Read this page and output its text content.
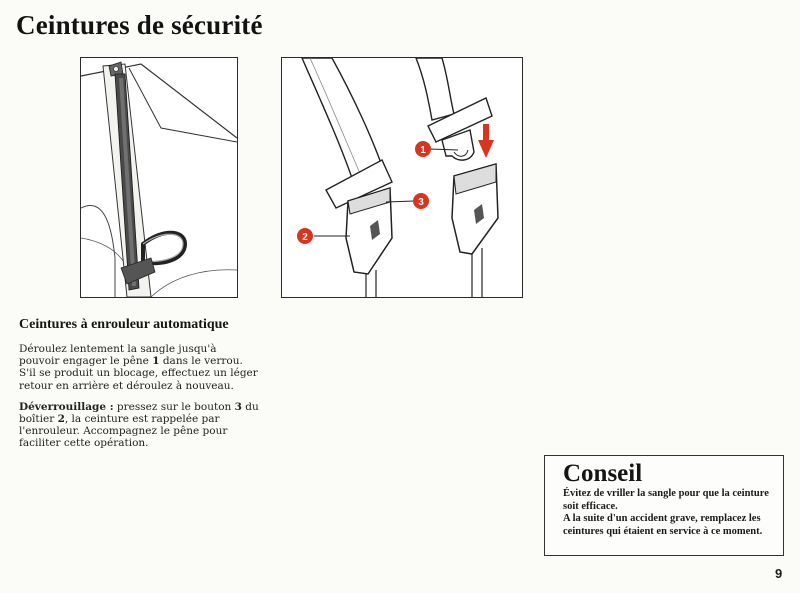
Ceintures de sécurité
1
3
2
Ceintures à enrouleur automatique

Déroulez lentement la sangle jusqu'à pouvoir engager le pêne 1 dans le verrou. S'il se produit un blocage, effectuez un léger retour en arrière et déroulez à nouveau.

Déverrouillage : pressez sur le bouton 3 du boîtier 2, la ceinture est rappelée par l'enrouleur. Accompagnez le pêne pour faciliter cette opération.

Conseil

Évitez de vriller la sangle pour que la ceinture soit efficace.

A la suite d'un accident grave, remplacez les ceintures qui étaient en service à ce moment.

9
